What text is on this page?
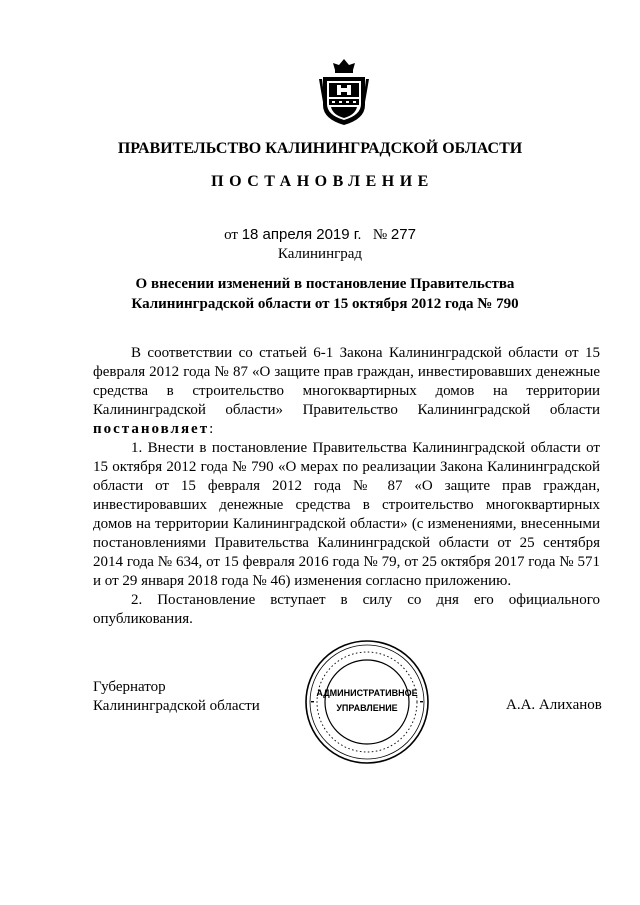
ПРАВИТЕЛЬСТВО КАЛИНИНГРАДСКОЙ ОБЛАСТИ
ПОСТАНОВЛЕНИЕ
от 18 апреля 2019 г. № 277
Калининград
О внесении изменений в постановление Правительства
Калининградской области от 15 октября 2012 года № 790

В соответствии со статьей 6-1 Закона Калининградской области от 15 февраля 2012 года № 87 «О защите прав граждан, инвестировавших денежные средства в строительство многоквартирных домов на территории Калининградской области» Правительство Калининградской области постановляет:

1. Внести в постановление Правительства Калининградской области от 15 октября 2012 года № 790 «О мерах по реализации Закона Калининградской области от 15 февраля 2012 года № 87 «О защите прав граждан, инвестировавших денежные средства в строительство многоквартирных домов на территории Калининградской области» (с изменениями, внесенными постановлениями Правительства Калининградской области от 25 сентября 2014 года № 634, от 15 февраля 2016 года № 79, от 25 октября 2017 года № 571 и от 29 января 2018 года № 46) изменения согласно приложению.

2. Постановление вступает в силу со дня его официального опубликования.

Губернатор
Калининградской области
АДМИНИСТРАТИВНОЕ
УПРАВЛЕНИЕ	А.А. Алиханов
